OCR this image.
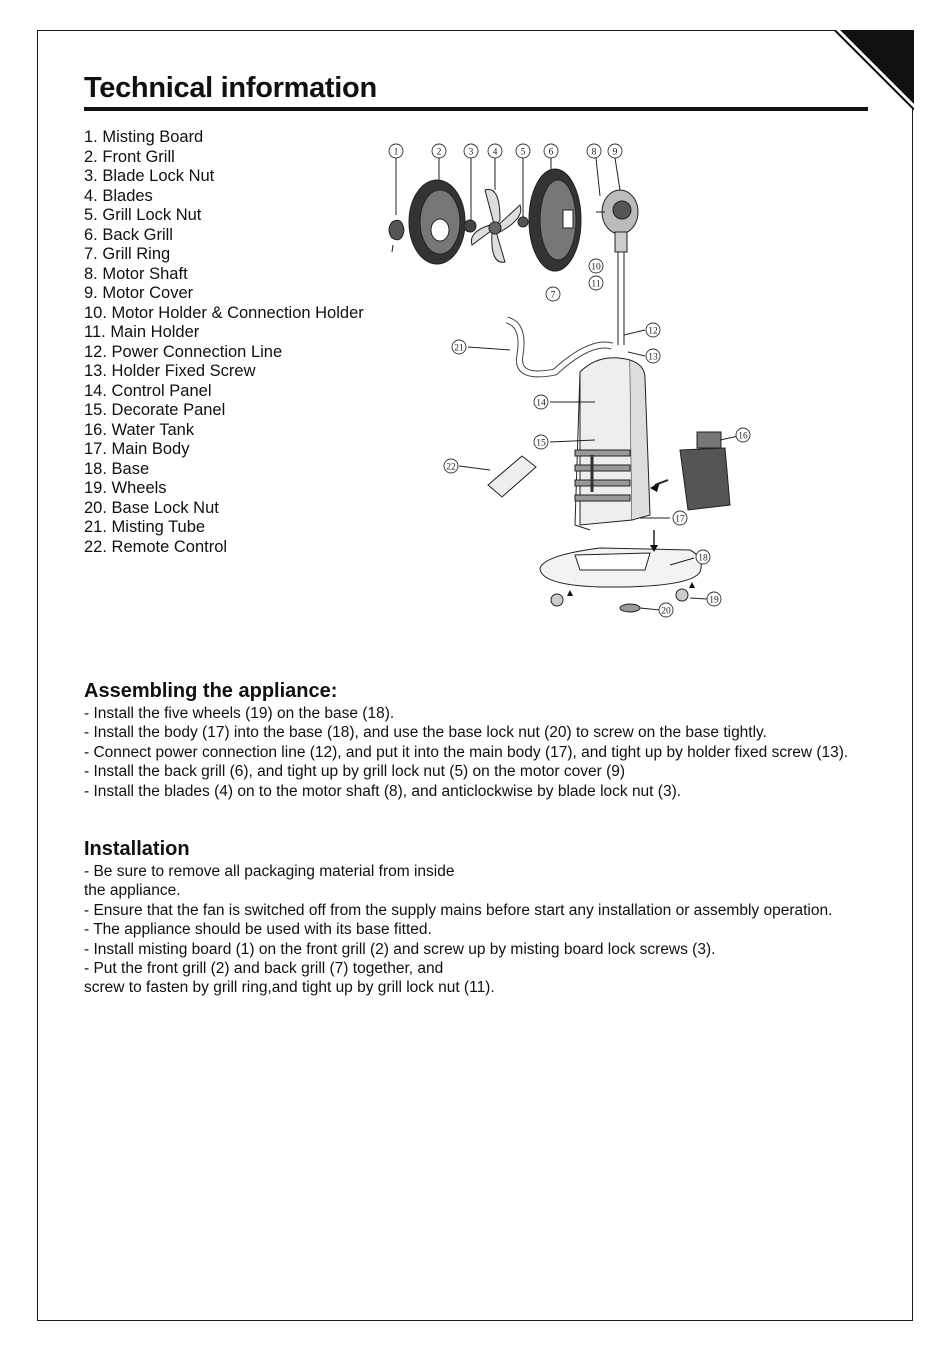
Technical information
1. Misting Board
2. Front Grill
3. Blade Lock Nut
4. Blades
5. Grill Lock Nut
6. Back Grill
7. Grill Ring
8. Motor Shaft
9. Motor Cover
10. Motor Holder & Connection Holder
11. Main Holder
12. Power Connection Line
13. Holder Fixed Screw
14. Control Panel
15. Decorate Panel
16. Water Tank
17. Main Body
18. Base
19. Wheels
20. Base Lock Nut
21. Misting Tube
22. Remote Control
1	2	3 4 5 6
7
8 9
10
11
12
13
14
15
16
17
18
19
20
21
22
Assembling the appliance:

- Install the five wheels (19) on the base (18).

- Install the body (17) into the base (18), and use the base lock nut (20) to screw on the base tightly.

- Connect power connection line (12), and put it into the main body (17), and tight up by holder fixed screw (13).

- Install the back grill (6), and tight up by grill lock nut (5) on the motor cover (9)

- Install the blades (4) on to the motor shaft (8), and anticlockwise by blade lock nut (3).

Installation

- Be sure to remove all packaging material from inside

the appliance.

- Ensure that the fan is switched off from the supply mains before start any installation or assembly operation.

- The appliance should be used with its base fitted.

- Install misting board (1) on the front grill (2) and screw up by misting board lock screws (3).

- Put the front grill (2) and back grill (7) together, and

screw to fasten by grill ring,and tight up by grill lock nut (11).
